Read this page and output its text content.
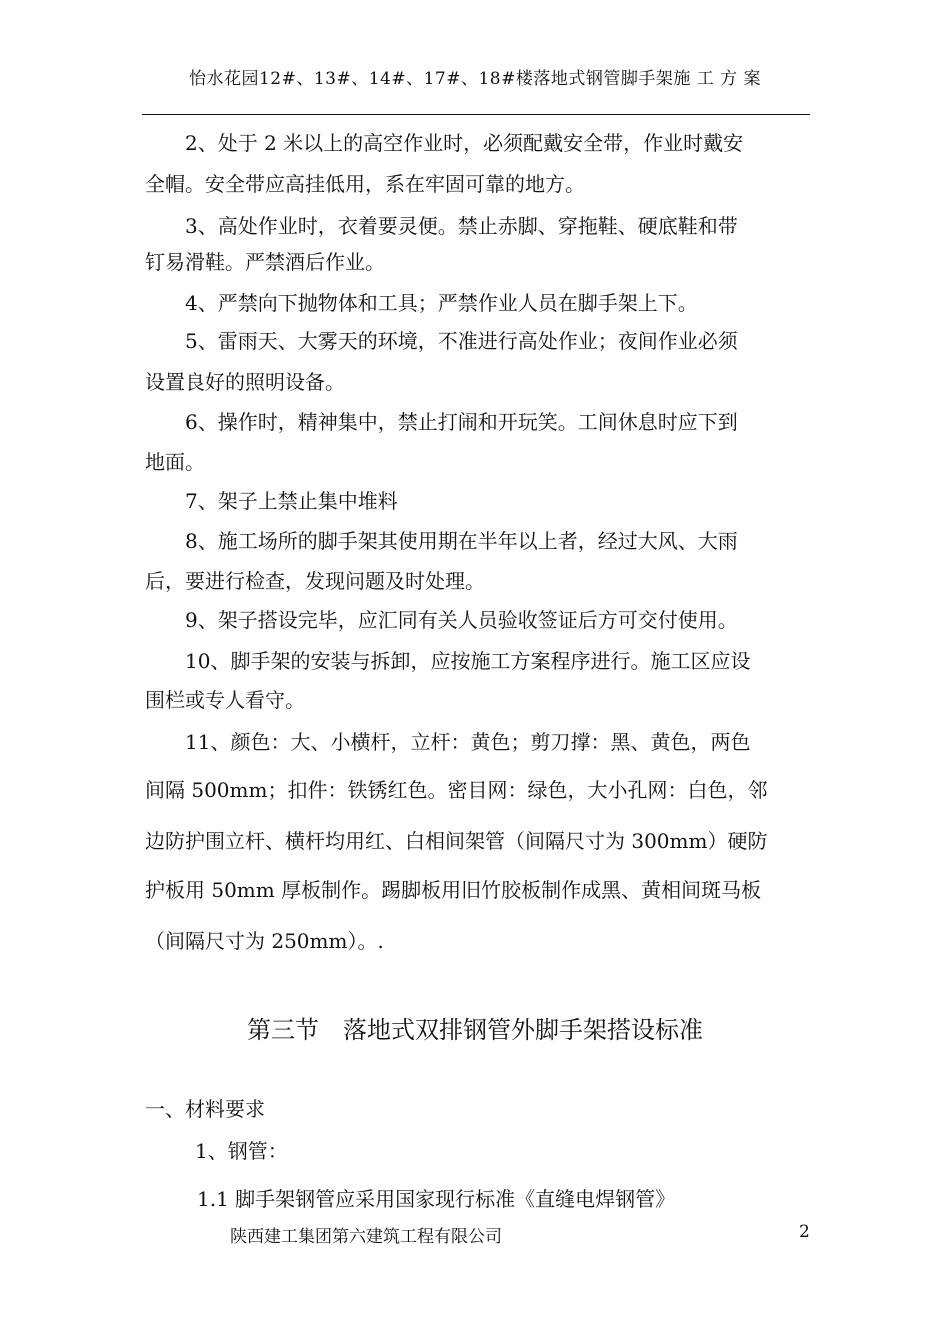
怡水花园12#、13#、14#、17#、18#楼落地式钢管脚手架施 工 方 案
　　2、处于 2 米以上的高空作业时，必须配戴安全带，作业时戴安
全帽。安全带应高挂低用，系在牢固可靠的地方。
　　3、高处作业时，衣着要灵便。禁止赤脚、穿拖鞋、硬底鞋和带
钉易滑鞋。严禁酒后作业。
　　4、严禁向下抛物体和工具；严禁作业人员在脚手架上下。
　　5、雷雨天、大雾天的环境，不准进行高处作业；夜间作业必须
设置良好的照明设备。
　　6、操作时，精神集中，禁止打闹和开玩笑。工间休息时应下到
地面。
　　7、架子上禁止集中堆料
　　8、施工场所的脚手架其使用期在半年以上者，经过大风、大雨
后，要进行检查，发现问题及时处理。
　　9、架子搭设完毕，应汇同有关人员验收签证后方可交付使用。
　　10、脚手架的安装与拆卸，应按施工方案程序进行。施工区应设
围栏或专人看守。
　　11、颜色：大、小横杆，立杆：黄色；剪刀撑：黑、黄色，两色
间隔 500mm；扣件：铁锈红色。密目网：绿色，大小孔网：白色，邻
边防护围立杆、横杆均用红、白相间架管（间隔尺寸为 300mm）硬防
护板用 50mm 厚板制作。踢脚板用旧竹胶板制作成黑、黄相间斑马板
（间隔尺寸为 250mm）。.
第三节　落地式双排钢管外脚手架搭设标准
一、材料要求
1、钢管：
1.1 脚手架钢管应采用国家现行标准《直缝电焊钢管》
陕西建工集团第六建筑工程有限公司	2
